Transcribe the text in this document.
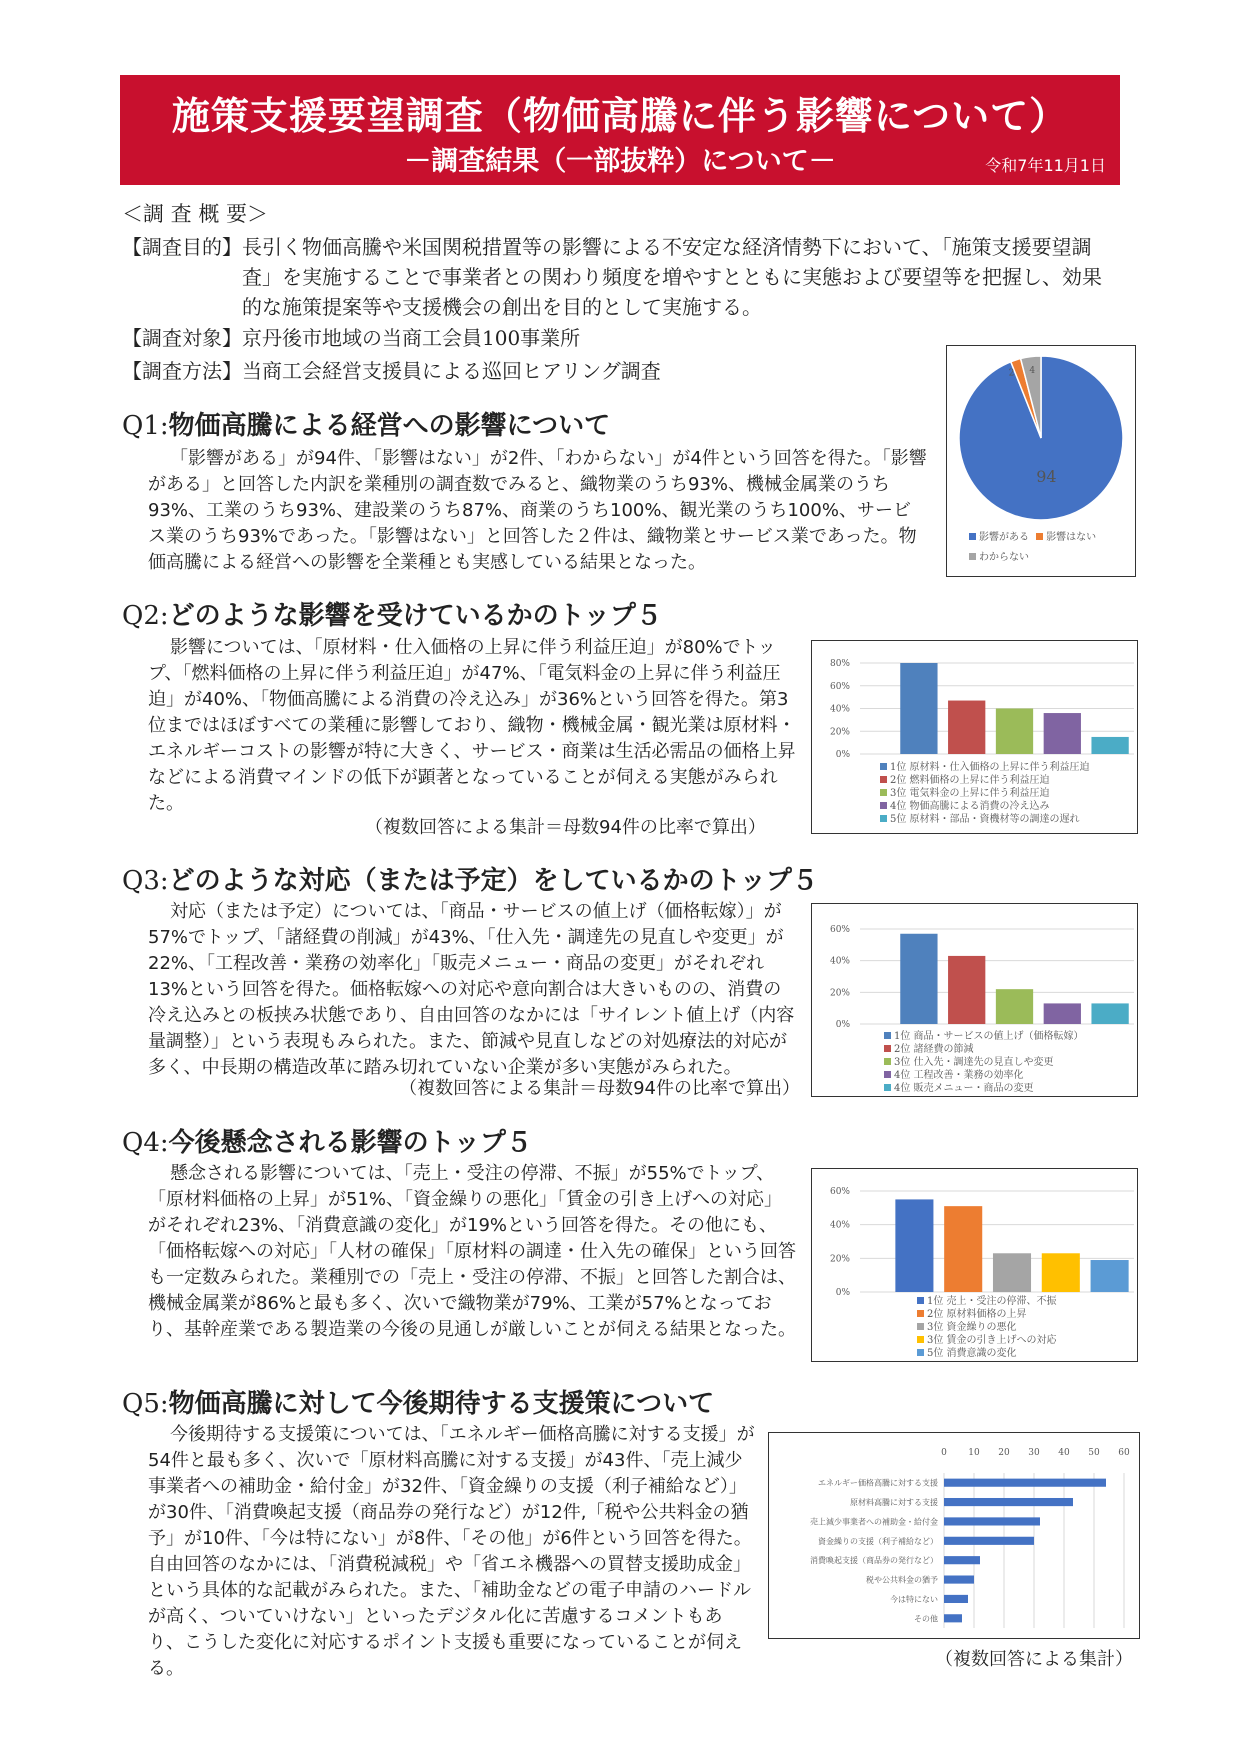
施策支援要望調査（物価高騰に伴う影響について）
－調査結果（一部抜粋）について－	令和7年11月1日
＜調 査 概 要＞
【調査目的】長引く物価高騰や米国関税措置等の影響による不安定な経済情勢下において、「施策支援要望調査」を実施することで事業者との関わり頻度を増やすとともに実態および要望等を把握し、効果的な施策提案等や支援機会の創出を目的として実施する。
【調査対象】京丹後市地域の当商工会員100事業所
【調査方法】当商工会経営支援員による巡回ヒアリング調査
Q1:物価高騰による経営への影響について
「影響がある」が94件、「影響はない」が2件、「わからない」が4件という回答を得た。「影響がある」と回答した内訳を業種別の調査数でみると、織物業のうち93%、機械金属業のうち93%、工業のうち93%、建設業のうち87%、商業のうち100%、観光業のうち100%、サービス業のうち93%であった。「影響はない」と回答した２件は、織物業とサービス業であった。物価高騰による経営への影響を全業種とも実感している結果となった。
94
2 4
影響がある 影響はない
わからない
Q2:どのような影響を受けているかのトップ５
影響については、「原材料・仕入価格の上昇に伴う利益圧迫」が80%でトップ、「燃料価格の上昇に伴う利益圧迫」が47%、「電気料金の上昇に伴う利益圧迫」が40%、「物価高騰による消費の冷え込み」が36%という回答を得た。第3位まではほぼすべての業種に影響しており、織物・機械金属・観光業は原材料・エネルギーコストの影響が特に大きく、サービス・商業は生活必需品の価格上昇などによる消費マインドの低下が顕著となっていることが伺える実態がみられた。
（複数回答による集計＝母数94件の比率で算出）
0%
20%
40%
60%
80%
1位 原材料・仕入価格の上昇に伴う利益圧迫
2位 燃料価格の上昇に伴う利益圧迫
3位 電気料金の上昇に伴う利益圧迫
4位 物価高騰による消費の冷え込み
5位 原材料・部品・資機材等の調達の遅れ
Q3:どのような対応（または予定）をしているかのトップ５
対応（または予定）については、「商品・サービスの値上げ（価格転嫁）」が57%でトップ、「諸経費の削減」が43%、「仕入先・調達先の見直しや変更」が22%、「工程改善・業務の効率化」「販売メニュー・商品の変更」がそれぞれ13%という回答を得た。価格転嫁への対応や意向割合は大きいものの、消費の冷え込みとの板挟み状態であり、自由回答のなかには「サイレント値上げ（内容量調整）」という表現もみられた。また、節減や見直しなどの対処療法的対応が多く、中長期の構造改革に踏み切れていない企業が多い実態がみられた。
（複数回答による集計＝母数94件の比率で算出）
0%
20%
40%
60%
1位 商品・サービスの値上げ（価格転嫁）
2位 諸経費の節減
3位 仕入先・調達先の見直しや変更
4位 工程改善・業務の効率化
4位 販売メニュー・商品の変更
Q4:今後懸念される影響のトップ５
懸念される影響については、「売上・受注の停滞、不振」が55%でトップ、「原材料価格の上昇」が51%、「資金繰りの悪化」「賃金の引き上げへの対応」がそれぞれ23%、「消費意識の変化」が19%という回答を得た。その他にも、「価格転嫁への対応」「人材の確保」「原材料の調達・仕入先の確保」という回答も一定数みられた。業種別での「売上・受注の停滞、不振」と回答した割合は、機械金属業が86%と最も多く、次いで織物業が79%、工業が57%となっており、基幹産業である製造業の今後の見通しが厳しいことが伺える結果となった。
0%
20%
40%
60%
1位 売上・受注の停滞、不振
2位 原材料価格の上昇
3位 資金繰りの悪化
3位 賃金の引き上げへの対応
5位 消費意識の変化
Q5:物価高騰に対して今後期待する支援策について
今後期待する支援策については、「エネルギー価格高騰に対する支援」が54件と最も多く、次いで「原材料高騰に対する支援」が43件、「売上減少事業者への補助金・給付金」が32件、「資金繰りの支援（利子補給など）」が30件、「消費喚起支援（商品券の発行など）が12件,「税や公共料金の猶予」が10件、「今は特にない」が8件、「その他」が6件という回答を得た。自由回答のなかには、「消費税減税」や「省エネ機器への買替支援助成金」という具体的な記載がみられた。また、「補助金などの電子申請のハードルが高く、ついていけない」といったデジタル化に苦慮するコメントもあり、こうした変化に対応するポイント支援も重要になっていることが伺える。	（複数回答による集計）
0 10 20 30 40 50 60
エネルギー価格高騰に対する支援
原材料高騰に対する支援
売上減少事業者への補助金・給付金
資金繰りの支援（利子補給など）
消費喚起支援（商品券の発行など）
税や公共料金の猶予
今は特にない
その他
